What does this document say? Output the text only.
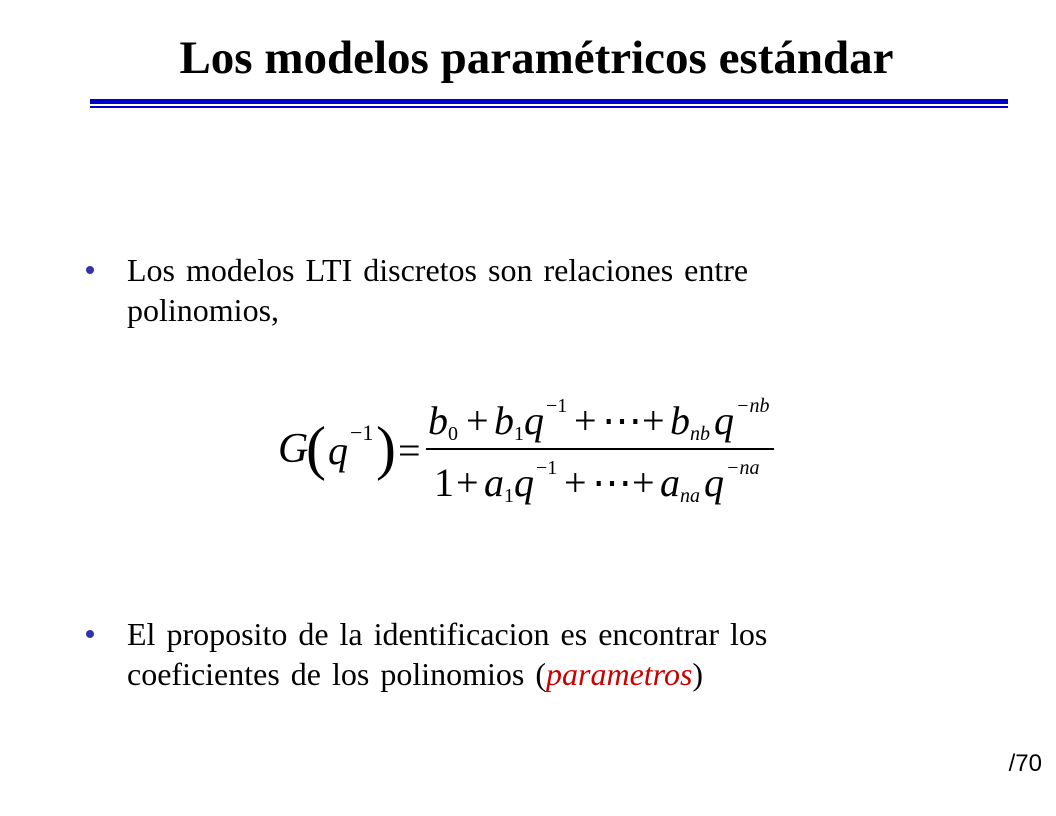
Los modelos paramétricos estándar
Los modelos LTI discretos son relaciones entre
polinomios,
G
( q −1 ) =
b 0 + b 1 q −1 + ⋯ + b nb q −nb
1 + a 1 q −1 + ⋯ + a na q −na
El proposito de la identificacion es encontrar los
coeficientes de los polinomios (parametros)
/70
